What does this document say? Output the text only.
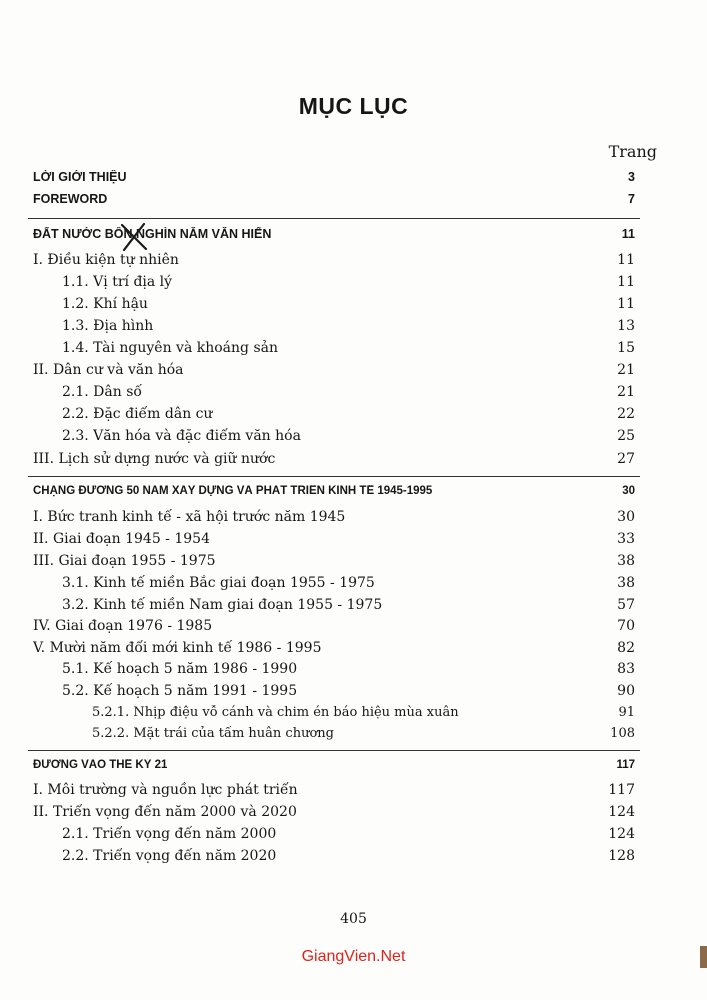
MỤC LỤC
Trang
LỜI GIỚI THIỆU	3
FOREWORD	7
ĐẤT NƯỚC BỐN NGHÌN NĂM VĂN HIẾN	11
I. Điều kiện tự nhiên	11
1.1. Vị trí địa lý	11
1.2. Khí hậu	11
1.3. Địa hình	13
1.4. Tài nguyên và khoáng sản	15
II. Dân cư và văn hóa	21
2.1. Dân số	21
2.2. Đặc điểm dân cư	22
2.3. Văn hóa và đặc điểm văn hóa	25
III. Lịch sử dựng nước và giữ nước	27
CHẶNG ĐƯỜNG 50 NĂM XÂY DỰNG VÀ PHÁT TRIỂN KINH TẾ 1945-1995	30
I. Bức tranh kinh tế - xã hội trước năm 1945	30
II. Giai đoạn 1945 - 1954	33
III. Giai đoạn 1955 - 1975	38
3.1. Kinh tế miền Bắc giai đoạn 1955 - 1975	38
3.2. Kinh tế miền Nam giai đoạn 1955 - 1975	57
IV. Giai đoạn 1976 - 1985	70
V. Mười năm đổi mới kinh tế 1986 - 1995	82
5.1. Kế hoạch 5 năm 1986 - 1990	83
5.2. Kế hoạch 5 năm 1991 - 1995	90
5.2.1. Nhịp điệu vỗ cánh và chim én báo hiệu mùa xuân	91
5.2.2. Mặt trái của tấm huân chương	108
ĐƯỜNG VÀO THẾ KỶ 21	117
I. Môi trường và nguồn lực phát triển	117
II. Triển vọng đến năm 2000 và 2020	124
2.1. Triển vọng đến năm 2000	124
2.2. Triển vọng đến năm 2020	128
405
GiangVien.Net
